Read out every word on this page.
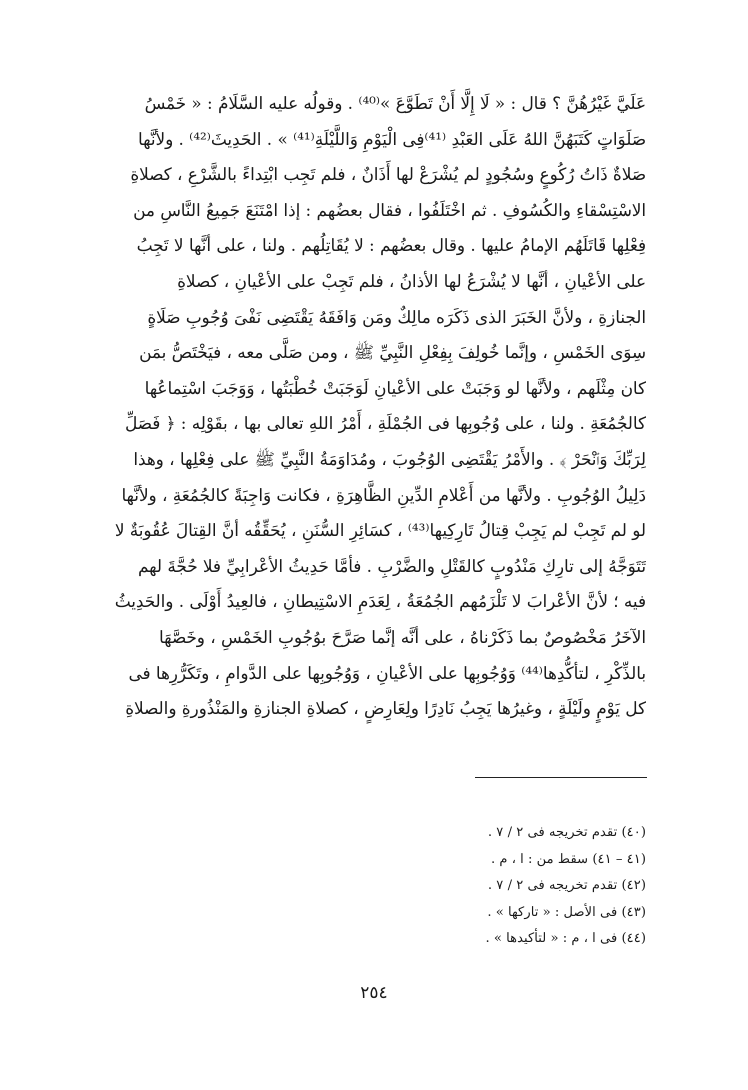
عَلَيَّ غَيْرُهُنَّ ؟ قال : « لَا إِلَّا أَنْ تَطَوَّعَ »⁽⁴⁰⁾ . وقولُه عليه السَّلَامُ : « خَمْسُ
صَلَوَاتٍ كَتَبَهُنَّ اللهُ عَلَى العَبْدِ ⁽⁴¹⁾فِى الْيَوْمِ وَاللَّيْلَةِ⁽⁴¹⁾ » . الحَدِيثَ⁽⁴²⁾ . ولأنَّها
صَلاةٌ ذَاتُ رُكُوعٍ وسُجُودٍ لم يُشْرَعْ لها أَذَانٌ ، فلم تَجِب ابْتِداءً بالشَّرْعِ ، كصلاةِ
الاسْتِسْقاءِ والكُسُوفِ . ثم اخْتَلَفُوا ، فقال بعضُهم : إذا امْتَنَعَ جَمِيعُ النَّاسِ من
فِعْلِها قَاتَلَهُم الإمامُ عليها . وقال بعضُهم : لا يُقَاتِلُهم . ولنا ، على أنَّها لا تَجِبُ
على الأعْيانِ ، أنَّها لا يُشْرَعُ لها الأذانُ ، فلم تَجِبْ على الأعْيانِ ، كصلاةِ
الجنازةِ ، ولأنَّ الخَبَرَ الذى ذَكَرَه مالِكٌ ومَن وَافَقَهُ يَقْتَضِى نَفْىَ وُجُوبِ صَلَاةٍ
سِوَى الخَمْسِ ، وإنَّما خُولِفَ بِفِعْلِ النَّبِيِّ ﷺ ، ومن صَلَّى معه ، فيَخْتَصُّ بمَن
كان مِثْلَهم ، ولأنَّها لو وَجَبَتْ على الأعْيانِ لَوَجَبَتْ خُطْبَتُها ، وَوَجَبَ اسْتِماعُها
كالجُمُعَةِ . ولنا ، على وُجُوبِها فى الجُمْلَةِ ، أَمْرُ اللهِ تعالى بها ، بقَوْلِه : ﴿ فَصَلِّ
لِرَبِّكَ وَٱنْحَرْ ﴾ . والأَمْرُ يَقْتَضِى الوُجُوبَ ، ومُدَاوَمَةُ النَّبِيِّ ﷺ على فِعْلِها ، وهذا
دَلِيلُ الوُجُوبِ . ولأنَّها من أَعْلامِ الدِّينِ الظَّاهِرَةِ ، فكانت وَاجِبَةً كالجُمُعَةِ ، ولأنَّها
لو لم تَجِبْ لم يَجِبْ قِتالُ تَارِكِيها⁽⁴³⁾ ، كسَائِرِ السُّنَنِ ، يُحَقِّقُه أنَّ القِتالَ عُقُوبَةٌ لا
تَتَوَجَّهُ إلى تارِكِ مَنْدُوبٍ كالقَتْلِ والضَّرْبِ . فأمَّا حَدِيثُ الأعْرابِيِّ فلا حُجَّةَ لهم
فيه ؛ لأنَّ الأعْرابَ لا تَلْزَمُهم الجُمُعَةُ ، لِعَدَمِ الاسْتِيطانِ ، فالعِيدُ أَوْلَى . والحَدِيثُ
الآخَرُ مَخْصُوصٌ بما ذَكَرْناهُ ، على أنَّه إنَّما صَرَّحَ بوُجُوبِ الخَمْسِ ، وخَصَّهَا
بالذِّكْرِ ، لتأكُّدِها⁽⁴⁴⁾ وَوُجُوبِها على الأعْيانِ ، وَوُجُوبِها على الدَّوامِ ، وتَكَرُّرِها فى
كل يَوْمٍ ولَيْلَةٍ ، وغيرُها يَجِبُ نَادِرًا ولِعَارِضٍ ، كصلاةِ الجنازةِ والمَنْذُورةِ والصلاةِ
(٤٠) تقدم تخريجه فى ٢ / ٧ .
(٤١ – ٤١) سقط من : ا ، م .
(٤٢) تقدم تخريجه فى ٢ / ٧ .
(٤٣) فى الأصل : « تاركها » .
(٤٤) فى ا ، م : « لتأكيدها » .
٢٥٤
